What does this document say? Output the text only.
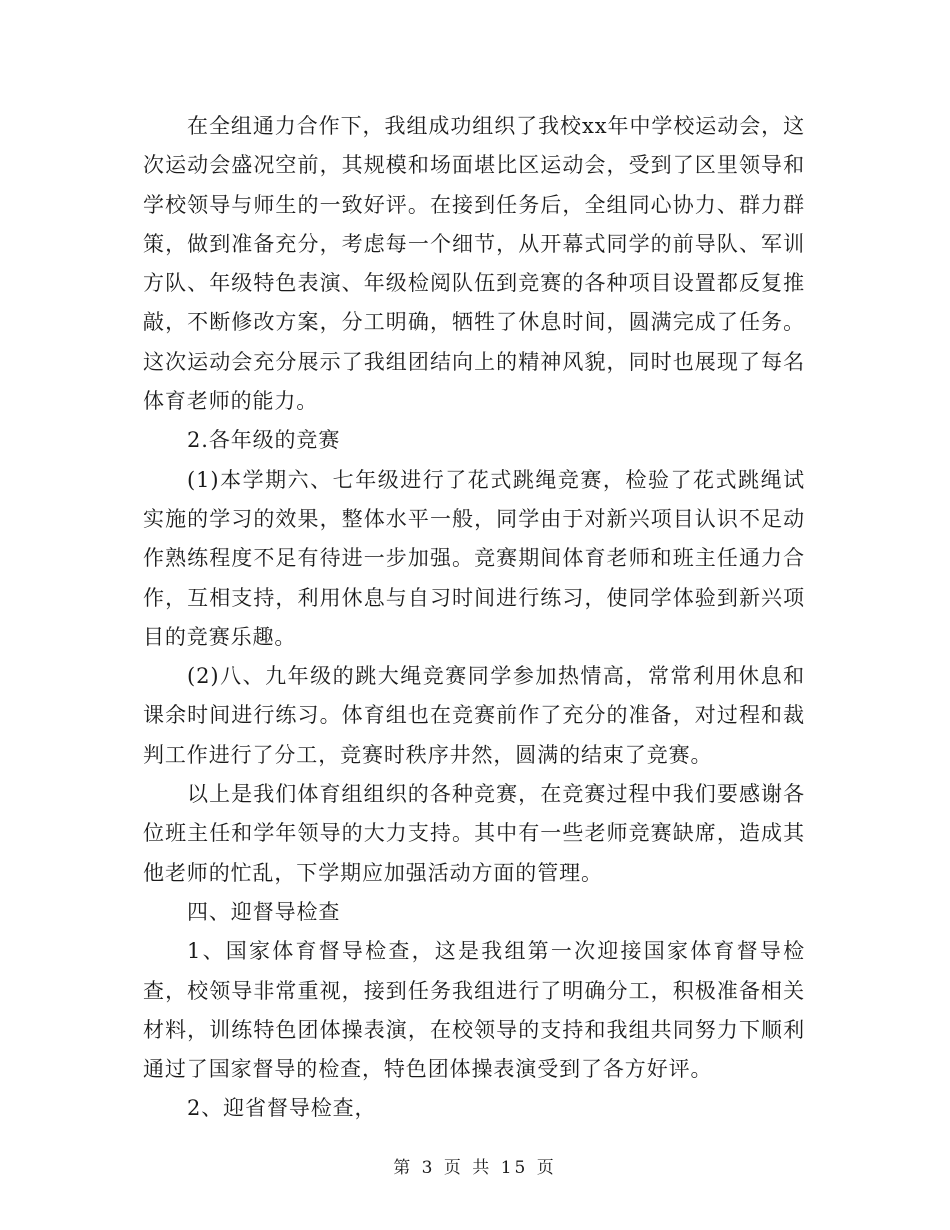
在全组通力合作下，我组成功组织了我校xx年中学校运动会，这次运动会盛况空前，其规模和场面堪比区运动会，受到了区里领导和学校领导与师生的一致好评。在接到任务后，全组同心协力、群力群策，做到准备充分，考虑每一个细节，从开幕式同学的前导队、军训方队、年级特色表演、年级检阅队伍到竞赛的各种项目设置都反复推敲，不断修改方案，分工明确，牺牲了休息时间，圆满完成了任务。这次运动会充分展示了我组团结向上的精神风貌，同时也展现了每名体育老师的能力。

2.各年级的竞赛

(1)本学期六、七年级进行了花式跳绳竞赛，检验了花式跳绳试实施的学习的效果，整体水平一般，同学由于对新兴项目认识不足动作熟练程度不足有待进一步加强。竞赛期间体育老师和班主任通力合作，互相支持，利用休息与自习时间进行练习，使同学体验到新兴项目的竞赛乐趣。

(2)八、九年级的跳大绳竞赛同学参加热情高，常常利用休息和课余时间进行练习。体育组也在竞赛前作了充分的准备，对过程和裁判工作进行了分工，竞赛时秩序井然，圆满的结束了竞赛。

以上是我们体育组组织的各种竞赛，在竞赛过程中我们要感谢各位班主任和学年领导的大力支持。其中有一些老师竞赛缺席，造成其他老师的忙乱，下学期应加强活动方面的管理。

四、迎督导检查

1、国家体育督导检查，这是我组第一次迎接国家体育督导检查，校领导非常重视，接到任务我组进行了明确分工，积极准备相关材料，训练特色团体操表演，在校领导的支持和我组共同努力下顺利通过了国家督导的检查，特色团体操表演受到了各方好评。

2、迎省督导检查，

第 3 页 共 15 页
